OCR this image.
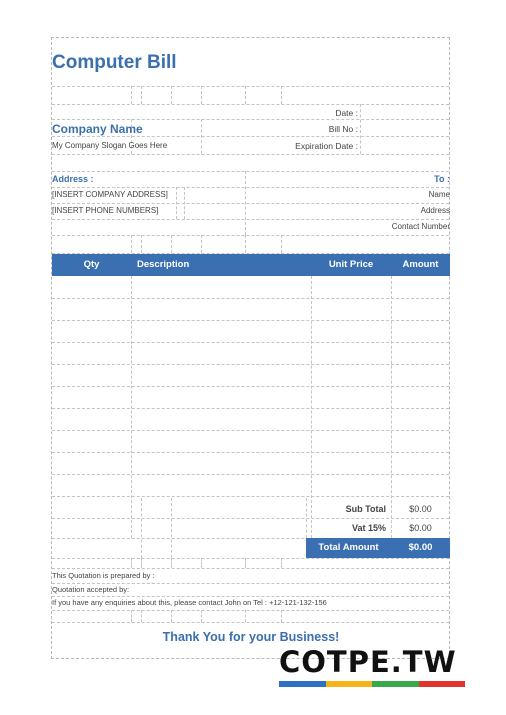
Computer Bill
Date :
Bill No :
Expiration Date :
Company Name
My Company Slogan Goes Here
Address :
[INSERT COMPANY ADDRESS]
[INSERT PHONE NUMBERS]
To :
Name
Address
Contact Number
Qty	Description	Unit Price	Amount
Sub Total	$0.00
Vat 15%	$0.00
Total Amount	$0.00
This Quotation is prepared by :
Quotation accepted by:
If you have any enquiries about this, please contact John on Tel : +12-121-132-156
Thank You for your Business!
COTPE.TW
